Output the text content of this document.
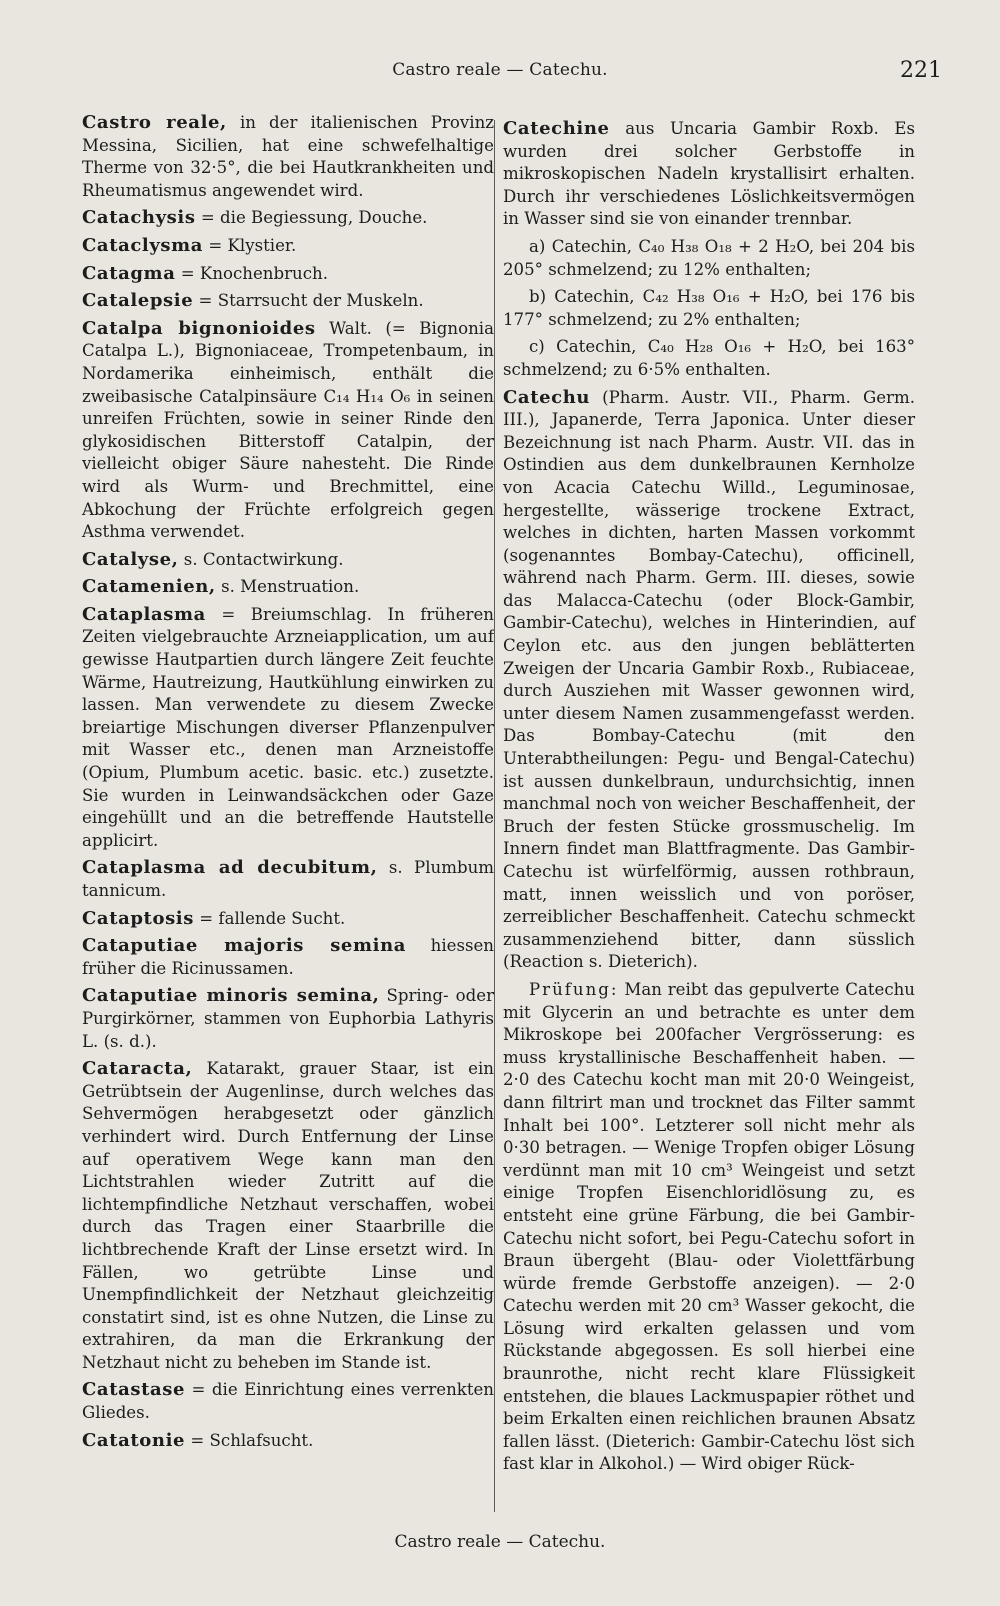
Castro reale — Catechu.	221

Castro reale, in der italienischen Provinz Messina, Sicilien, hat eine schwefelhaltige Therme von 32·5°, die bei Hautkrankheiten und Rheumatismus angewendet wird.

Catachysis = die Begiessung, Douche.

Cataclysma = Klystier.

Catagma = Knochenbruch.

Catalepsie = Starrsucht der Muskeln.

Catalpa bignonioides Walt. (= Bignonia Catalpa L.), Bignoniaceae, Trompetenbaum, in Nordamerika einheimisch, enthält die zweibasische Catalpinsäure C₁₄ H₁₄ O₆ in seinen unreifen Früchten, sowie in seiner Rinde den glykosidischen Bitterstoff Catalpin, der vielleicht obiger Säure nahesteht. Die Rinde wird als Wurm- und Brechmittel, eine Abkochung der Früchte erfolgreich gegen Asthma verwendet.

Catalyse, s. Contactwirkung.

Catamenien, s. Menstruation.

Cataplasma = Breiumschlag. In früheren Zeiten vielgebrauchte Arzneiapplication, um auf gewisse Hautpartien durch längere Zeit feuchte Wärme, Hautreizung, Hautkühlung einwirken zu lassen. Man verwendete zu diesem Zwecke breiartige Mischungen diverser Pflanzenpulver mit Wasser etc., denen man Arzneistoffe (Opium, Plumbum acetic. basic. etc.) zusetzte. Sie wurden in Leinwandsäckchen oder Gaze eingehüllt und an die betreffende Hautstelle applicirt.

Cataplasma ad decubitum, s. Plumbum tannicum.

Cataptosis = fallende Sucht.

Cataputiae majoris semina hiessen früher die Ricinussamen.

Cataputiae minoris semina, Spring- oder Purgirkörner, stammen von Euphorbia Lathyris L. (s. d.).

Cataracta, Katarakt, grauer Staar, ist ein Getrübtsein der Augenlinse, durch welches das Sehvermögen herabgesetzt oder gänzlich verhindert wird. Durch Entfernung der Linse auf operativem Wege kann man den Lichtstrahlen wieder Zutritt auf die lichtempfindliche Netzhaut verschaffen, wobei durch das Tragen einer Staarbrille die lichtbrechende Kraft der Linse ersetzt wird. In Fällen, wo getrübte Linse und Unempfindlichkeit der Netzhaut gleichzeitig constatirt sind, ist es ohne Nutzen, die Linse zu extrahiren, da man die Erkrankung der Netzhaut nicht zu beheben im Stande ist.

Catastase = die Einrichtung eines verrenkten Gliedes.

Catatonie = Schlafsucht.

Catechine aus Uncaria Gambir Roxb. Es wurden drei solcher Gerbstoffe in mikroskopischen Nadeln krystallisirt erhalten. Durch ihr verschiedenes Löslichkeitsvermögen in Wasser sind sie von einander trennbar.

a) Catechin, C₄₀ H₃₈ O₁₈ + 2 H₂O, bei 204 bis 205° schmelzend; zu 12% enthalten;

b) Catechin, C₄₂ H₃₈ O₁₆ + H₂O, bei 176 bis 177° schmelzend; zu 2% enthalten;

c) Catechin, C₄₀ H₂₈ O₁₆ + H₂O, bei 163° schmelzend; zu 6·5% enthalten.

Catechu (Pharm. Austr. VII., Pharm. Germ. III.), Japanerde, Terra Japonica. Unter dieser Bezeichnung ist nach Pharm. Austr. VII. das in Ostindien aus dem dunkelbraunen Kernholze von Acacia Catechu Willd., Leguminosae, hergestellte, wässerige trockene Extract, welches in dichten, harten Massen vorkommt (sogenanntes Bombay-Catechu), officinell, während nach Pharm. Germ. III. dieses, sowie das Malacca-Catechu (oder Block-Gambir, Gambir-Catechu), welches in Hinterindien, auf Ceylon etc. aus den jungen beblätterten Zweigen der Uncaria Gambir Roxb., Rubiaceae, durch Ausziehen mit Wasser gewonnen wird, unter diesem Namen zusammengefasst werden. Das Bombay-Catechu (mit den Unterabtheilungen: Pegu- und Bengal-Catechu) ist aussen dunkelbraun, undurchsichtig, innen manchmal noch von weicher Beschaffenheit, der Bruch der festen Stücke grossmuschelig. Im Innern findet man Blattfragmente. Das Gambir-Catechu ist würfelförmig, aussen rothbraun, matt, innen weisslich und von poröser, zerreiblicher Beschaffenheit. Catechu schmeckt zusammenziehend bitter, dann süsslich (Reaction s. Dieterich).

Prüfung: Man reibt das gepulverte Catechu mit Glycerin an und betrachte es unter dem Mikroskope bei 200facher Vergrösserung: es muss krystallinische Beschaffenheit haben. — 2·0 des Catechu kocht man mit 20·0 Weingeist, dann filtrirt man und trocknet das Filter sammt Inhalt bei 100°. Letzterer soll nicht mehr als 0·30 betragen. — Wenige Tropfen obiger Lösung verdünnt man mit 10 cm³ Weingeist und setzt einige Tropfen Eisenchloridlösung zu, es entsteht eine grüne Färbung, die bei Gambir-Catechu nicht sofort, bei Pegu-Catechu sofort in Braun übergeht (Blau- oder Violettfärbung würde fremde Gerbstoffe anzeigen). — 2·0 Catechu werden mit 20 cm³ Wasser gekocht, die Lösung wird erkalten gelassen und vom Rückstande abgegossen. Es soll hierbei eine braunrothe, nicht recht klare Flüssigkeit entstehen, die blaues Lackmuspapier röthet und beim Erkalten einen reichlichen braunen Absatz fallen lässt. (Dieterich: Gambir-Catechu löst sich fast klar in Alkohol.) — Wird obiger Rück-

Castro reale — Catechu.
